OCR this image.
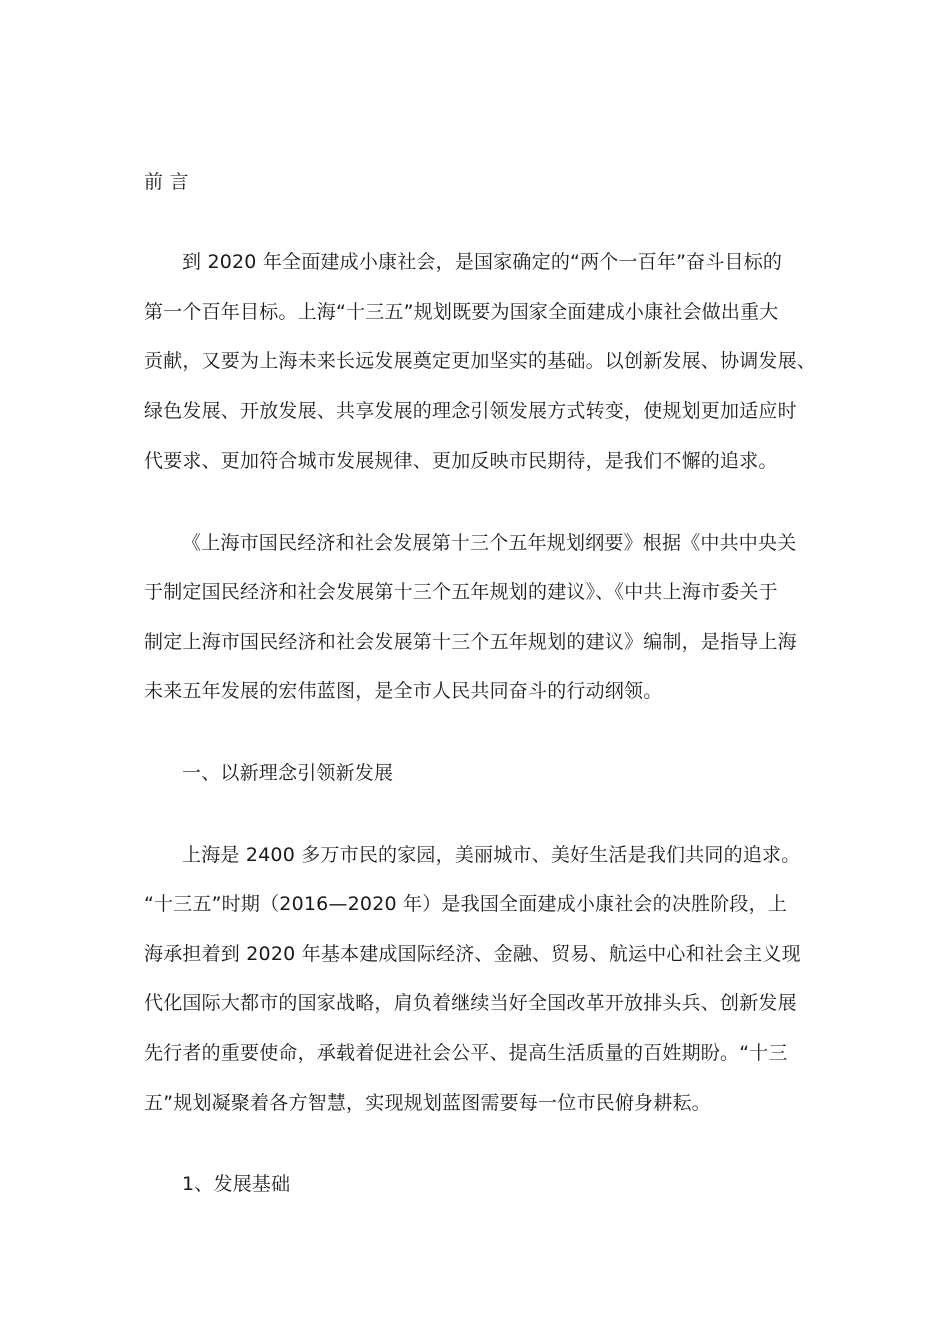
前 言
到 2020 年全面建成小康社会，是国家确定的“两个一百年”奋斗目标的
第一个百年目标。上海“十三五”规划既要为国家全面建成小康社会做出重大
贡献，又要为上海未来长远发展奠定更加坚实的基础。以创新发展、协调发展、
绿色发展、开放发展、共享发展的理念引领发展方式转变，使规划更加适应时
代要求、更加符合城市发展规律、更加反映市民期待，是我们不懈的追求。
《上海市国民经济和社会发展第十三个五年规划纲要》根据《中共中央关
于制定国民经济和社会发展第十三个五年规划的建议》、《中共上海市委关于
制定上海市国民经济和社会发展第十三个五年规划的建议》编制，是指导上海
未来五年发展的宏伟蓝图，是全市人民共同奋斗的行动纲领。
一、以新理念引领新发展
上海是 2400 多万市民的家园，美丽城市、美好生活是我们共同的追求。
“十三五”时期（2016—2020 年）是我国全面建成小康社会的决胜阶段，上
海承担着到 2020 年基本建成国际经济、金融、贸易、航运中心和社会主义现
代化国际大都市的国家战略，肩负着继续当好全国改革开放排头兵、创新发展
先行者的重要使命，承载着促进社会公平、提高生活质量的百姓期盼。“十三
五”规划凝聚着各方智慧，实现规划蓝图需要每一位市民俯身耕耘。
1、发展基础
